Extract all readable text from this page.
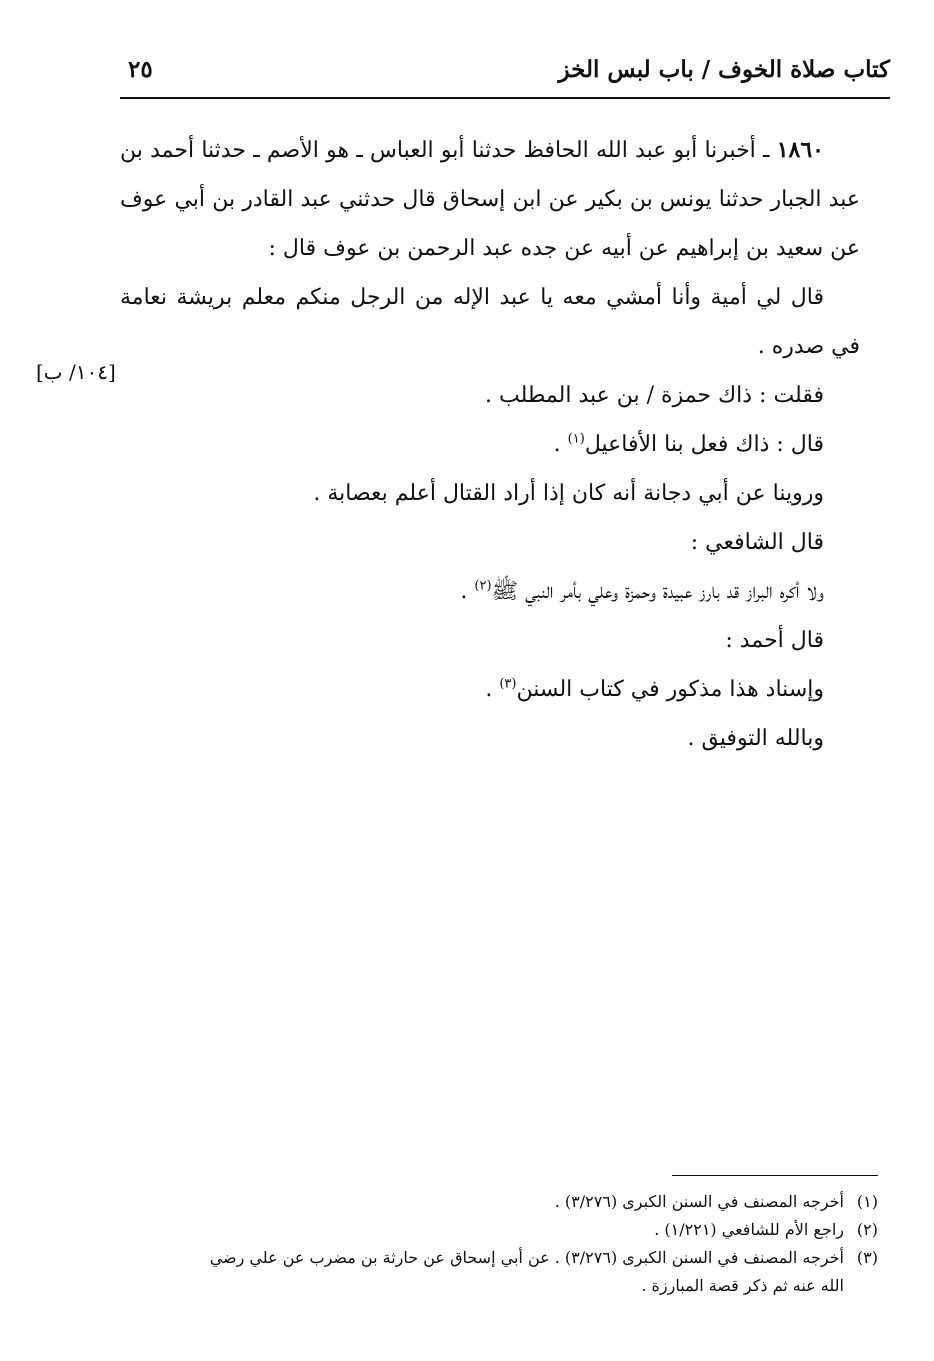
كتاب صلاة الخوف / باب لبس الخز
٢٥
[١٠٤/ ب]

١٨٦٠ ـ أخبرنا أبو عبد الله الحافظ حدثنا أبو العباس ـ هو الأصم ـ حدثنا أحمد بن عبد الجبار حدثنا يونس بن بكير عن ابن إسحاق قال حدثني عبد القادر بن أبي عوف عن سعيد بن إبراهيم عن أبيه عن جده عبد الرحمن بن عوف قال :

قال لي أمية وأنا أمشي معه يا عبد الإله من الرجل منكم معلم بريشة نعامة في صدره .

فقلت : ذاك حمزة / بن عبد المطلب .

قال : ذاك فعل بنا الأفاعيل$^{(١)}$ .

وروينا عن أبي دجانة أنه كان إذا أراد القتال أعلم بعصابة .

قال الشافعي :

ولا أكره البراز قد بارز عبيدة وحمزة وعلي بأمر النبي ﷺ$^{(٢)}$ .

قال أحمد :

وإسناد هذا مذكور في كتاب السنن$^{(٣)}$ .

وبالله التوفيق .

(١)أخرجه المصنف في السنن الكبرى (٣/٢٧٦) .

(٢)راجع الأم للشافعي (١/٢٢١) .

(٣)أخرجه المصنف في السنن الكبرى (٣/٢٧٦) . عن أبي إسحاق عن حارثة بن مضرب عن علي رضي

الله عنه ثم ذكر قصة المبارزة .
